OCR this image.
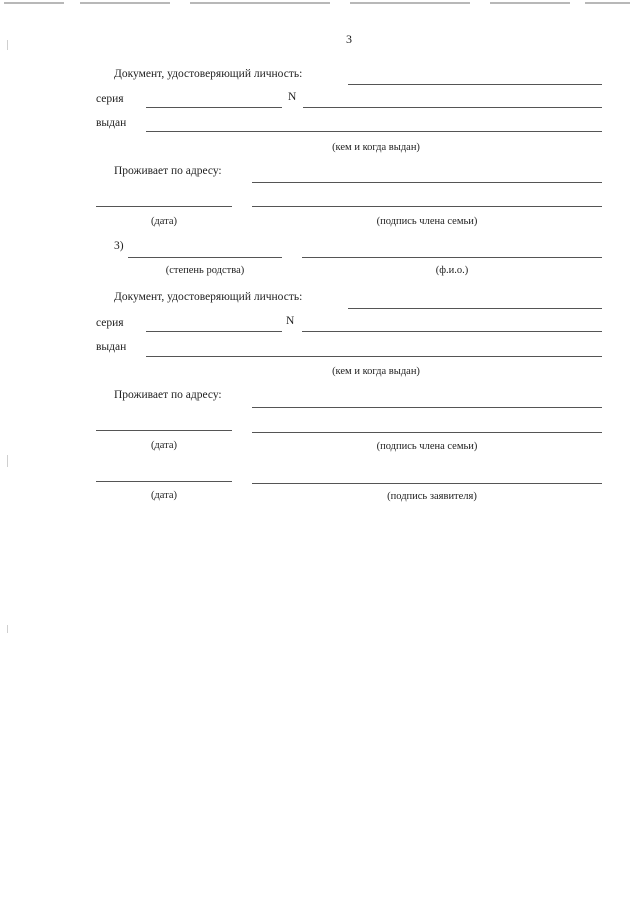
3
Документ, удостоверяющий личность:
серия	N
выдан
(кем и когда выдан)
Проживает по адресу:
(дата)	(подпись члена семьи)
3)
(степень родства)	(ф.и.о.)
Документ, удостоверяющий личность:
серия	N
выдан
(кем и когда выдан)
Проживает по адресу:
(дата)	(подпись члена семьи)
(дата)	(подпись заявителя)
